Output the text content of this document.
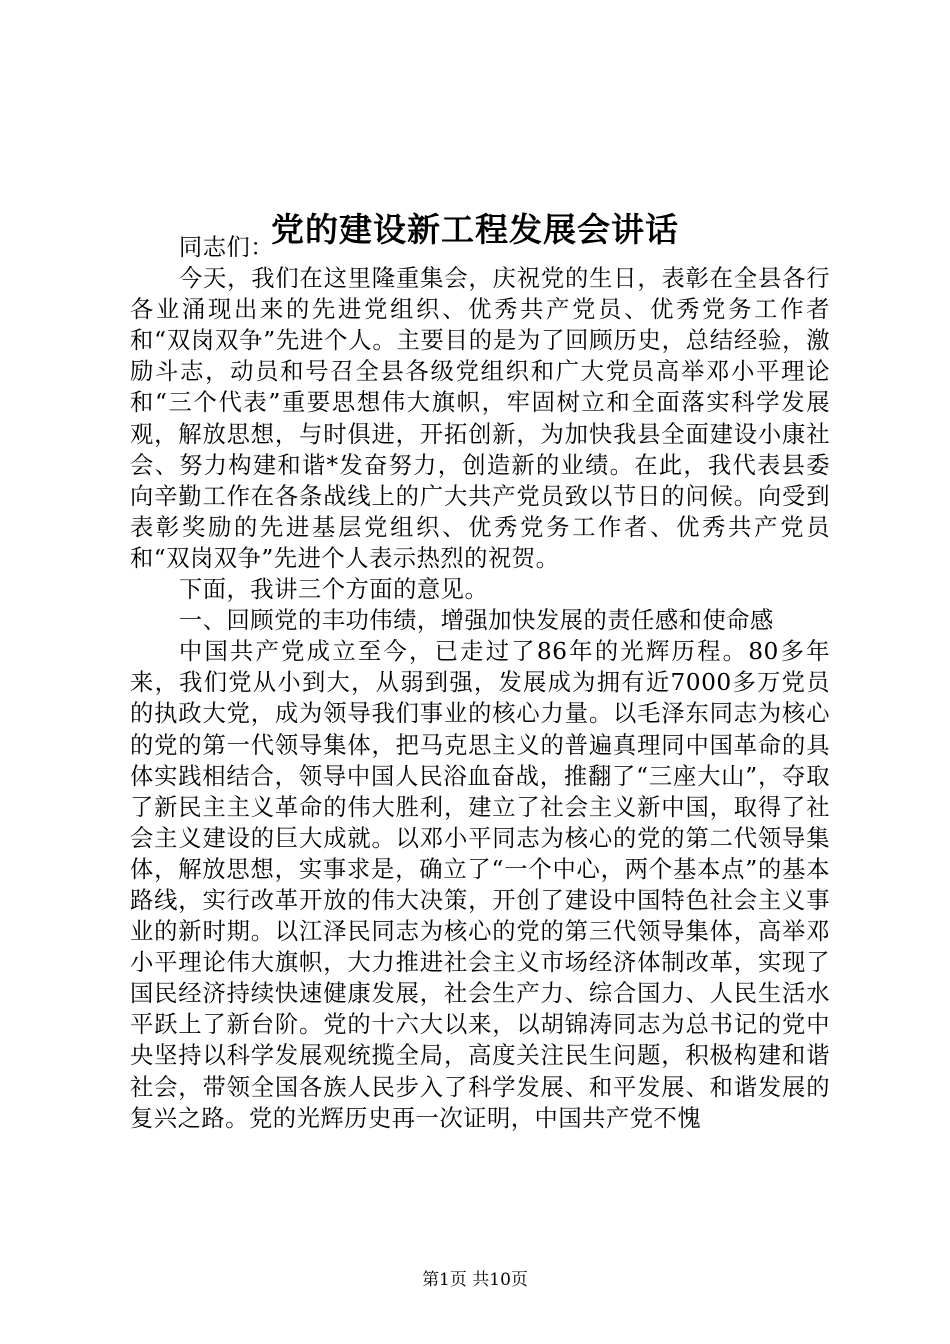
党的建设新工程发展会讲话

同志们：

今天，我们在这里隆重集会，庆祝党的生日，表彰在全县各行各业涌现出来的先进党组织、优秀共产党员、优秀党务工作者和“双岗双争”先进个人。主要目的是为了回顾历史，总结经验，激励斗志，动员和号召全县各级党组织和广大党员高举邓小平理论和“三个代表”重要思想伟大旗帜，牢固树立和全面落实科学发展观，解放思想，与时俱进，开拓创新，为加快我县全面建设小康社会、努力构建和谐*发奋努力，创造新的业绩。在此，我代表县委向辛勤工作在各条战线上的广大共产党员致以节日的问候。向受到表彰奖励的先进基层党组织、优秀党务工作者、优秀共产党员和“双岗双争”先进个人表示热烈的祝贺。

下面，我讲三个方面的意见。

一、回顾党的丰功伟绩，增强加快发展的责任感和使命感

中国共产党成立至今，已走过了86年的光辉历程。80多年来，我们党从小到大，从弱到强，发展成为拥有近7000多万党员的执政大党，成为领导我们事业的核心力量。以毛泽东同志为核心的党的第一代领导集体，把马克思主义的普遍真理同中国革命的具体实践相结合，领导中国人民浴血奋战，推翻了“三座大山”，夺取了新民主主义革命的伟大胜利，建立了社会主义新中国，取得了社会主义建设的巨大成就。以邓小平同志为核心的党的第二代领导集体，解放思想，实事求是，确立了“一个中心，两个基本点”的基本路线，实行改革开放的伟大决策，开创了建设中国特色社会主义事业的新时期。以江泽民同志为核心的党的第三代领导集体，高举邓小平理论伟大旗帜，大力推进社会主义市场经济体制改革，实现了国民经济持续快速健康发展，社会生产力、综合国力、人民生活水平跃上了新台阶。党的十六大以来，以胡锦涛同志为总书记的党中央坚持以科学发展观统揽全局，高度关注民生问题，积极构建和谐社会，带领全国各族人民步入了科学发展、和平发展、和谐发展的复兴之路。党的光辉历史再一次证明，中国共产党不愧

第1页 共10页
